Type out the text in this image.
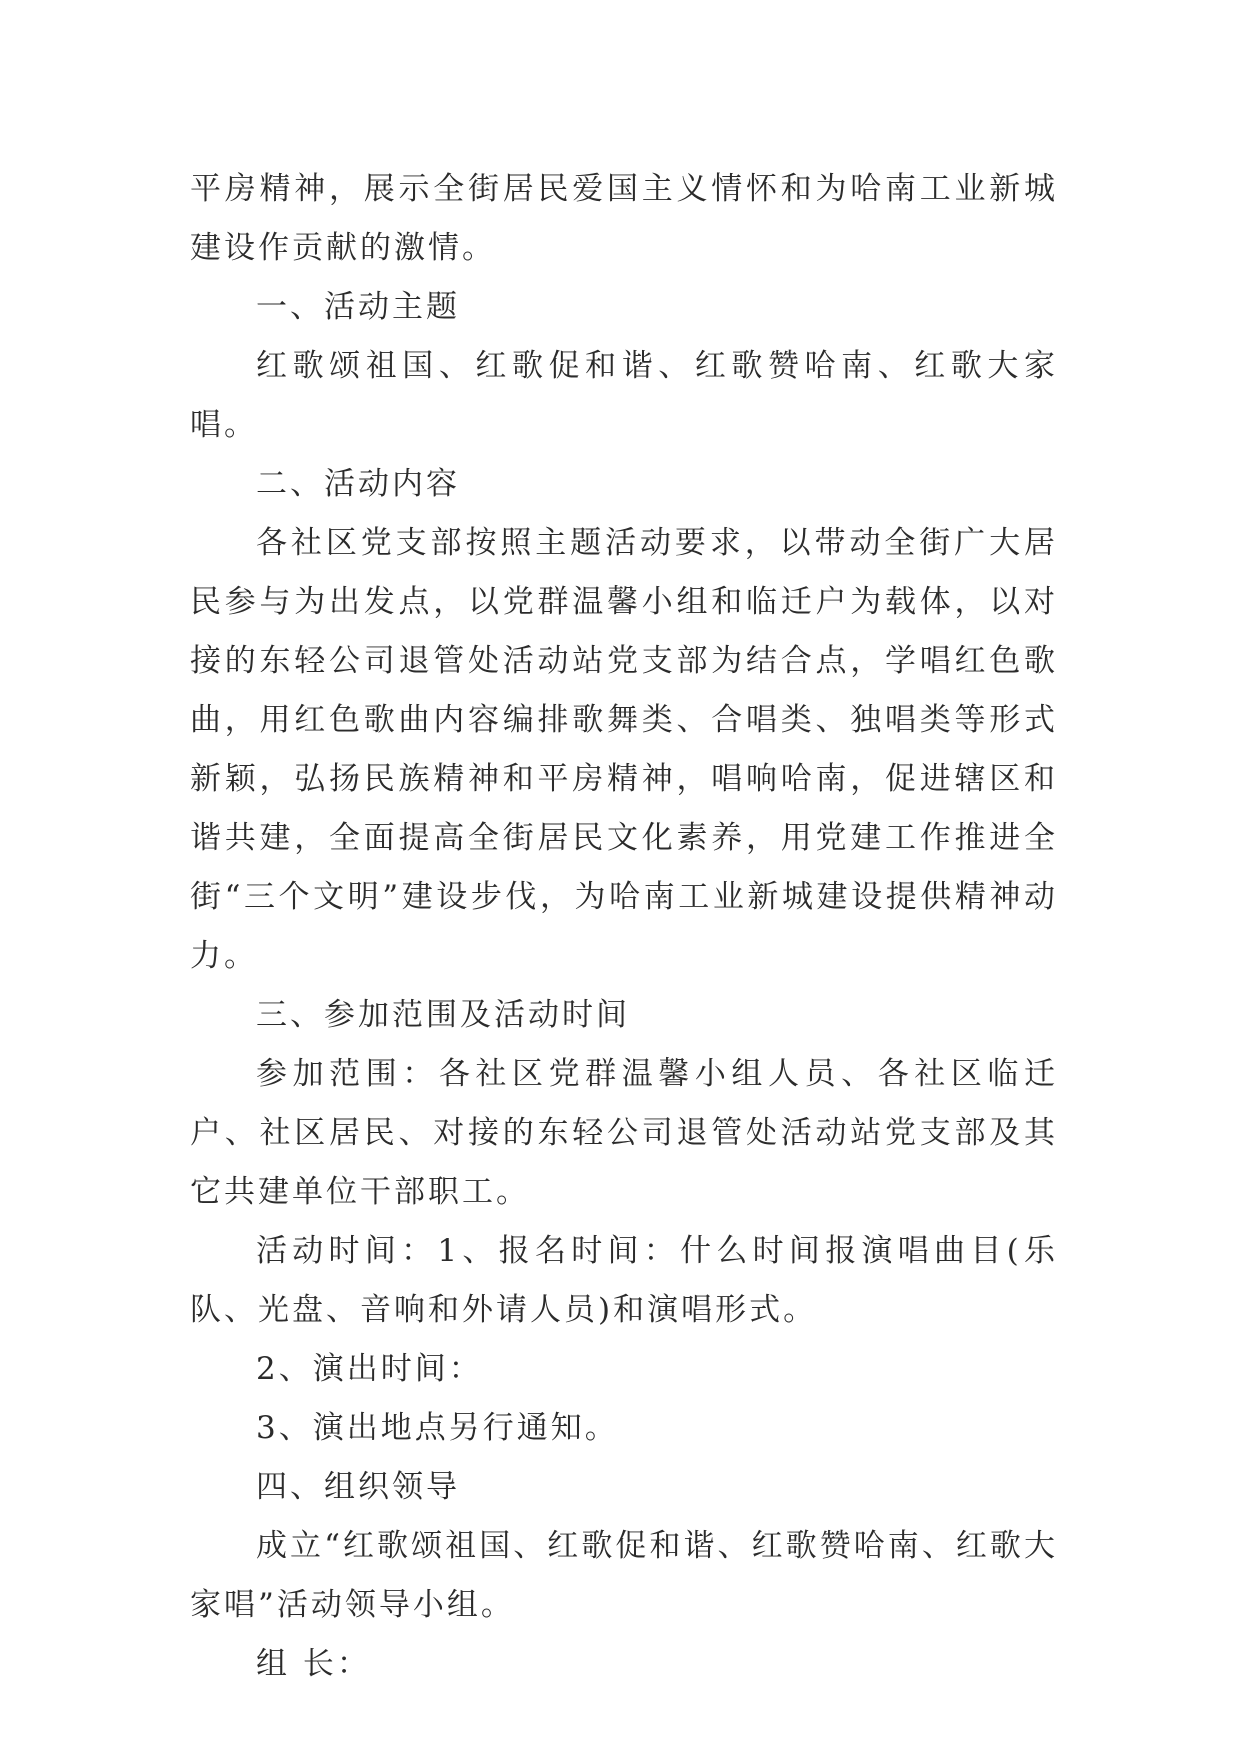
平房精神，展示全街居民爱国主义情怀和为哈南工业新城建设作贡献的激情。

一、活动主题

红歌颂祖国、红歌促和谐、红歌赞哈南、红歌大家唱。

二、活动内容

各社区党支部按照主题活动要求，以带动全街广大居民参与为出发点，以党群温馨小组和临迁户为载体，以对接的东轻公司退管处活动站党支部为结合点，学唱红色歌曲，用红色歌曲内容编排歌舞类、合唱类、独唱类等形式新颖，弘扬民族精神和平房精神，唱响哈南，促进辖区和谐共建，全面提高全街居民文化素养，用党建工作推进全街“三个文明”建设步伐，为哈南工业新城建设提供精神动力。

三、参加范围及活动时间

参加范围：各社区党群温馨小组人员、各社区临迁户、社区居民、对接的东轻公司退管处活动站党支部及其它共建单位干部职工。

活动时间：1、报名时间：什么时间报演唱曲目(乐队、光盘、音响和外请人员)和演唱形式。

2、演出时间：

3、演出地点另行通知。

四、组织领导

成立“红歌颂祖国、红歌促和谐、红歌赞哈南、红歌大家唱”活动领导小组。

组 长：
